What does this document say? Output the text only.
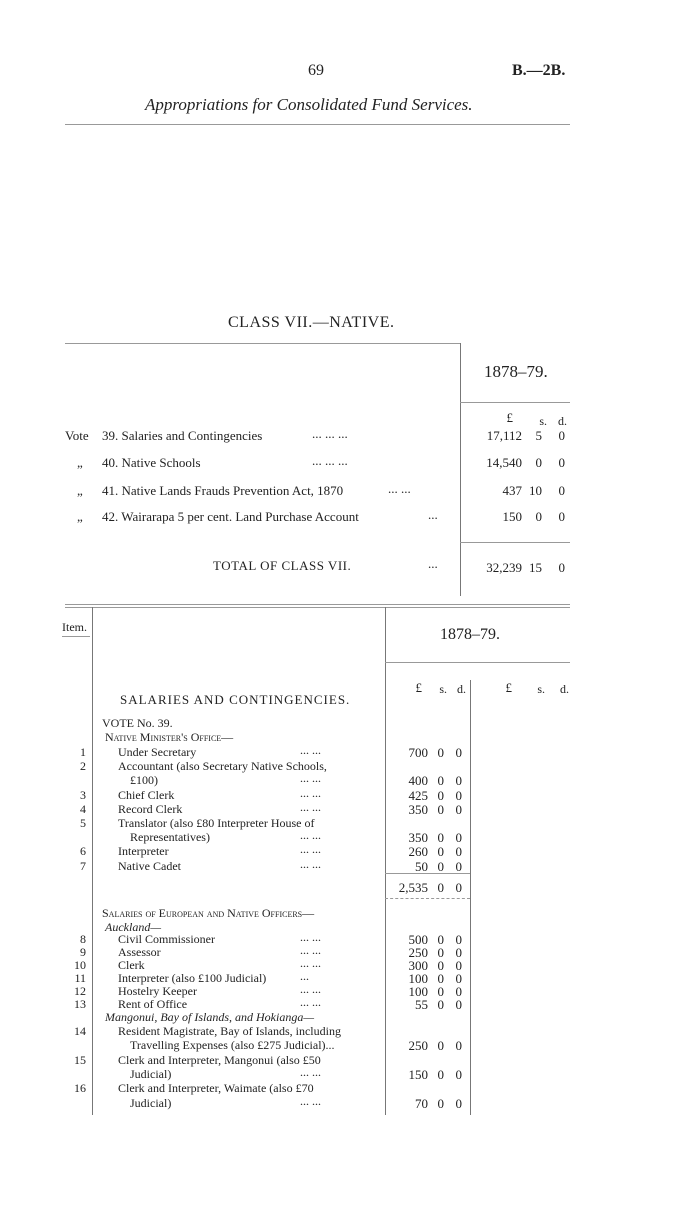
69	B.—2B.
Appropriations for Consolidated Fund Services.
CLASS VII.—NATIVE.
1878–79.
£	s. d.
Vote 39. Salaries and Contingencies	... ... ...	17,112	5	0
„ 40. Native Schools	... ... ...	14,540	0	0
„ 41. Native Lands Frauds Prevention Act, 1870	... ...	437 10	0
„ 42. Wairarapa 5 per cent. Land Purchase Account	...	150	0	0
TOTAL OF CLASS VII.	...	32,239 15	0
Item.	1878–79.
£	s. d.	£	s.	d.
SALARIES AND CONTINGENCIES.
VOTE No. 39.
Native Minister's Office—
1	Under Secretary	... ...	700 0 0
2	Accountant (also Secretary Native Schools,
£100)	... ...	400 0 0
3	Chief Clerk	... ...	425 0 0
4	Record Clerk	... ...	350 0 0
5	Translator (also £80 Interpreter House of
Representatives)	... ...	350 0 0
6	Interpreter	... ...	260 0 0
7	Native Cadet	... ...	50 0 0
2,535 0 0
Salaries of European and Native Officers—
Auckland—
8	Civil Commissioner	... ...	500 0 0
9	Assessor	... ...	250 0 0
10	Clerk	... ...	300 0 0
11	Interpreter (also £100 Judicial)	...	100 0 0
12	Hostelry Keeper	... ...	100 0 0
13	Rent of Office	... ...	55 0 0
Mangonui, Bay of Islands, and Hokianga—
14	Resident Magistrate, Bay of Islands, including
Travelling Expenses (also £275 Judicial)...	250 0 0
15	Clerk and Interpreter, Mangonui (also £50
Judicial)	... ...	150 0 0
16	Clerk and Interpreter, Waimate (also £70
Judicial)	... ...	70 0 0
